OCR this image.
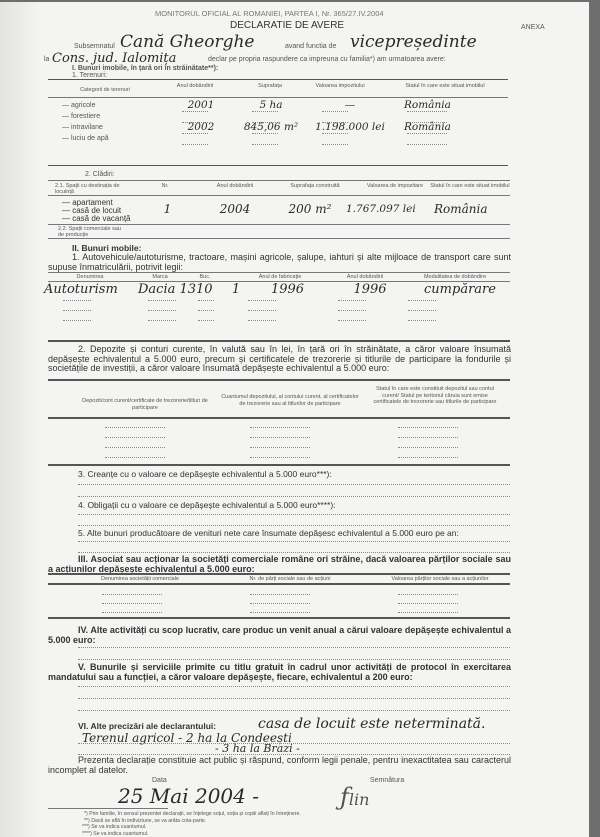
MONITORUL OFICIAL AL ROMANIEI, PARTEA I, Nr. 365/27.IV.2004
ANEXA
DECLARATIE DE AVERE
Subsemnatul Cană Gheorghe	avand functia de vicepreședinte
la Cons. jud. Ialomița	declar pe propria raspundere ca impreuna cu familia*) am urmatoarea avere:
I. Bunuri imobile, în țară ori în străinătate**):
1. Terenuri:
2. Clădiri:
2.2. Spații comerciale sau de producție
II. Bunuri mobile:
1. Autovehicule/autoturisme, tractoare, mașini agricole, șalupe, iahturi și alte mijloace de transport care sunt supuse înmatriculării, potrivit legii:
2. Depozite și conturi curente, în valută sau în lei, în țară ori în străinătate, a căror valoare însumată depășește echivalentul a 5.000 euro, precum și certificatele de trezorerie și titlurile de participare la fondurile și societățile de investiții, a căror valoare însumată depășește echivalentul a 5.000 euro:
3. Creanțe cu o valoare ce depășește echivalentul a 5.000 euro***):
4. Obligații cu o valoare ce depășește echivalentul a 5.000 euro****):
5. Alte bunuri producătoare de venituri nete care însumate depășesc echivalentul a 5.000 euro pe an:
III. Asociat sau acționar la societăți comerciale române ori străine, dacă valoarea părților sociale sau a acțiunilor depășește echivalentul a 5.000 euro:
IV. Alte activități cu scop lucrativ, care produc un venit anual a cărui valoare depășește echivalentul a 5.000 euro:
V. Bunurile și serviciile primite cu titlu gratuit în cadrul unor activități de protocol în exercitarea mandatului sau a funcției, a căror valoare depășește, fiecare, echivalentul a 200 euro:
VI. Alte precizări ale declarantului:	casa de locuit este neterminată.
Terenul agricol - 2 ha la Condeești
- 3 ha la Brazi -
Prezenta declarație constituie act public și răspund, conform legii penale, pentru inexactitatea sau caracterul incomplet al datelor.
Data
25 Mai 2004 -
Semnătura
ƒlin
Categorii de terenuri
Anul dobândirii	Suprafața	Valoarea impozitului	Statul în care este situat imobilul
— agricole	2001	5 ha	—	România
— forestiere
— intravilane	2002	845,06 m²	1.198.000 lei	România
— luciu de apă
2.1. Spații cu destinația de locuință
Nr.	Anul dobândirii	Suprafața construită	Valoarea de impozitare	Statul în care este situat imobilul
— apartament
— casă de locuit	1	2004	200 m²	1.767.097 lei	România
— casă de vacanță
Denumirea	Marca	Buc.	Anul de fabricație	Anul dobândirii	Modalitatea de dobândire
Autoturism	Dacia 1310	1	1996	1996	cumpărare
Depozit/cont curent/certificate de trezorerie/titluri de participare
Cuantumul depozitului, al contului curent, al certificatelor de trezorerie sau al titlurilor de participare
Statul în care este constituit depozitul sau contul curent/ Statul pe teritoriul căruia sunt emise certificatele de trezorerie sau titlurile de participare
Denumirea societății comerciale	Nr. de părți sociale sau de acțiuni	Valoarea părților sociale sau a acțiunilor
*) Prin familie, în sensul prezentei declarații, se înțelege soțul, soția și copiii aflați în întreținere.
**) Dacă se află în indiviziune, se va arăta cota-parte.
***) Se va indica cuantumul.
****) Se va indica cuantumul.
